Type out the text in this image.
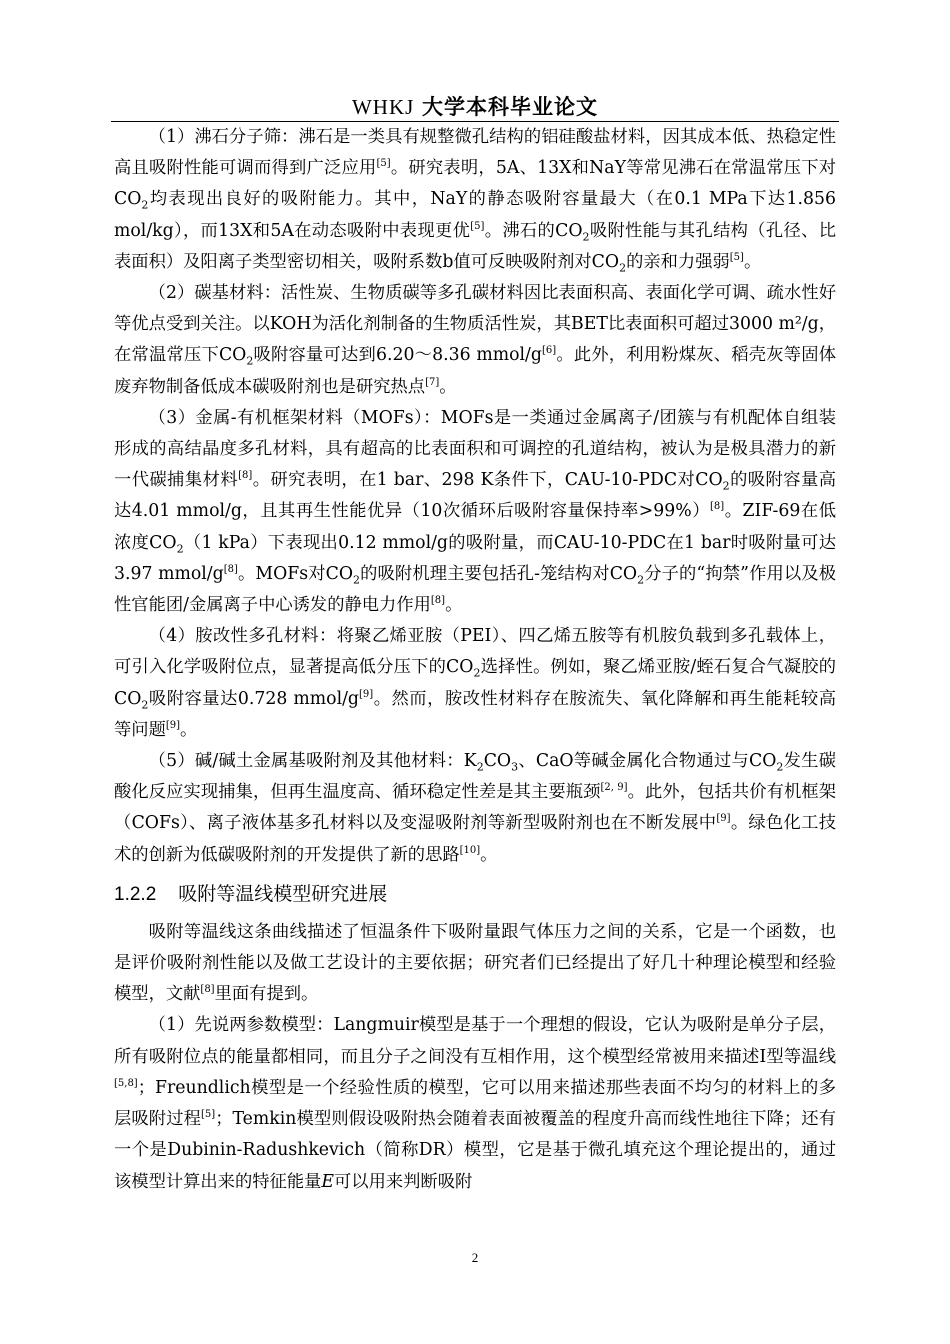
WHKJ 大学本科毕业论文

（1）沸石分子筛：沸石是一类具有规整微孔结构的铝硅酸盐材料，因其成本低、热稳定性高且吸附性能可调而得到广泛应用[5]。研究表明，5A、13X和NaY等常见沸石在常温常压下对$CO_2$均表现出良好的吸附能力。其中，NaY的静态吸附容量最大（在0.1 MPa下达1.856 mol/kg），而13X和5A在动态吸附中表现更优[5]。沸石的$CO_2$吸附性能与其孔结构（孔径、比表面积）及阳离子类型密切相关，吸附系数b值可反映吸附剂对$CO_2$的亲和力强弱[5]。

（2）碳基材料：活性炭、生物质碳等多孔碳材料因比表面积高、表面化学可调、疏水性好等优点受到关注。以KOH为活化剂制备的生物质活性炭，其BET比表面积可超过3000 m²/g，在常温常压下$CO_2$吸附容量可达到6.20～8.36 mmol/g[6]。此外，利用粉煤灰、稻壳灰等固体废弃物制备低成本碳吸附剂也是研究热点[7]。

（3）金属-有机框架材料（MOFs）：MOFs是一类通过金属离子/团簇与有机配体自组装形成的高结晶度多孔材料，具有超高的比表面积和可调控的孔道结构，被认为是极具潜力的新一代碳捕集材料[8]。研究表明，在1 bar、298 K条件下，CAU-10-PDC对$CO_2$的吸附容量高达4.01 mmol/g，且其再生性能优异（10次循环后吸附容量保持率>99%）[8]。ZIF-69在低浓度$CO_2(1$ kPa）下表现出0.12 mmol/g的吸附量，而CAU-10-PDC在1 bar时吸附量可达3.97 mmol/g[8]。MOFs对$CO_2$的吸附机理主要包括孔-笼结构对$CO_2$分子的“拘禁”作用以及极性官能团/金属离子中心诱发的静电力作用[8]。

（4）胺改性多孔材料：将聚乙烯亚胺（PEI）、四乙烯五胺等有机胺负载到多孔载体上，可引入化学吸附位点，显著提高低分压下的$CO_2$选择性。例如，聚乙烯亚胺/蛭石复合气凝胶的$CO_2$吸附容量达0.728 mmol/g[9]。然而，胺改性材料存在胺流失、氧化降解和再生能耗较高等问题[9]。

（5）碱/碱土金属基吸附剂及其他材料：$K_2CO_3$、CaO等碱金属化合物通过与$CO_2$发生碳酸化反应实现捕集，但再生温度高、循环稳定性差是其主要瓶颈[2, 9]。此外，包括共价有机框架（COFs）、离子液体基多孔材料以及变湿吸附剂等新型吸附剂也在不断发展中[9]。绿色化工技术的创新为低碳吸附剂的开发提供了新的思路[10]。

1.2.2 吸附等温线模型研究进展

吸附等温线这条曲线描述了恒温条件下吸附量跟气体压力之间的关系，它是一个函数，也是评价吸附剂性能以及做工艺设计的主要依据；研究者们已经提出了好几十种理论模型和经验模型，文献[8]里面有提到。

（1）先说两参数模型：Langmuir模型是基于一个理想的假设，它认为吸附是单分子层，所有吸附位点的能量都相同，而且分子之间没有互相作用，这个模型经常被用来描述I型等温线[5,8]；Freundlich模型是一个经验性质的模型，它可以用来描述那些表面不均匀的材料上的多层吸附过程[5]；Temkin模型则假设吸附热会随着表面被覆盖的程度升高而线性地往下降；还有一个是Dubinin-Radushkevich（简称DR）模型，它是基于微孔填充这个理论提出的，通过该模型计算出来的特征能量E可以用来判断吸附

2
